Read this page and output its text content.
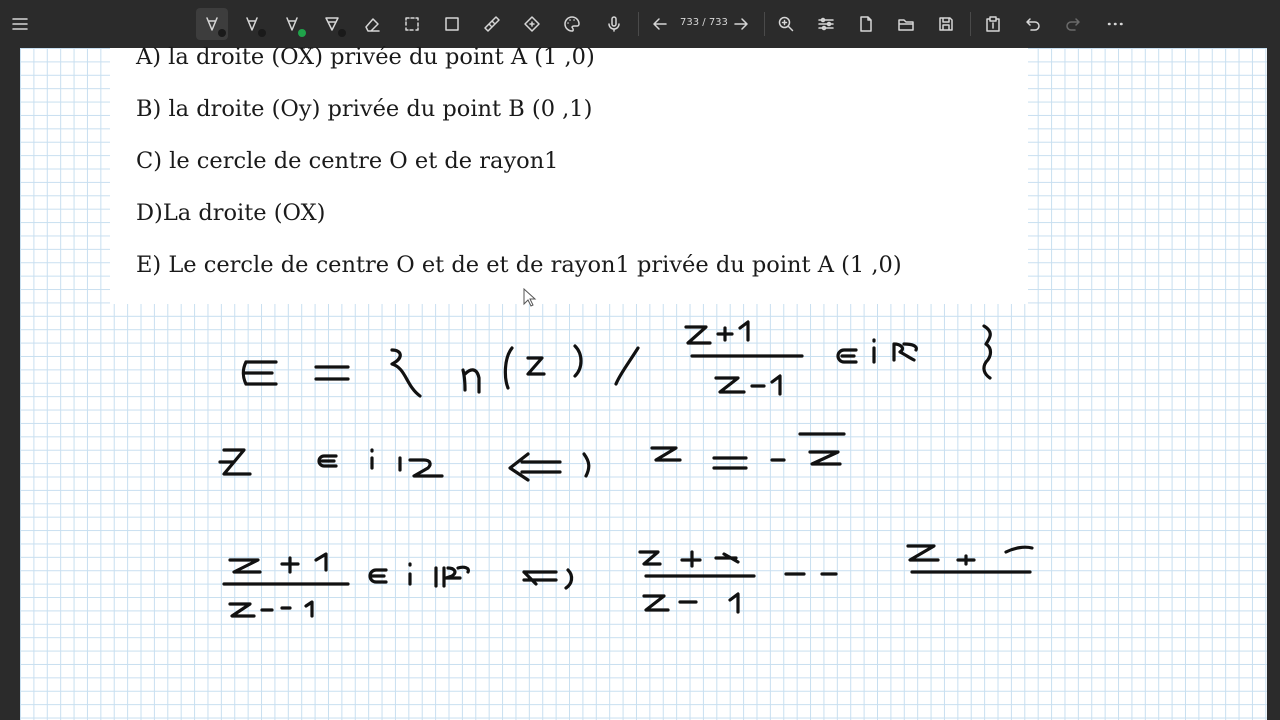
733 / 733
A) la droite (OX) privée du point A (1 ,0)
B) la droite (Oy) privée du point B (0 ,1)
C) le cercle de centre O et de rayon1
D)La droite (OX)
E) Le cercle de centre O et de et de rayon1 privée du point A (1 ,0)
